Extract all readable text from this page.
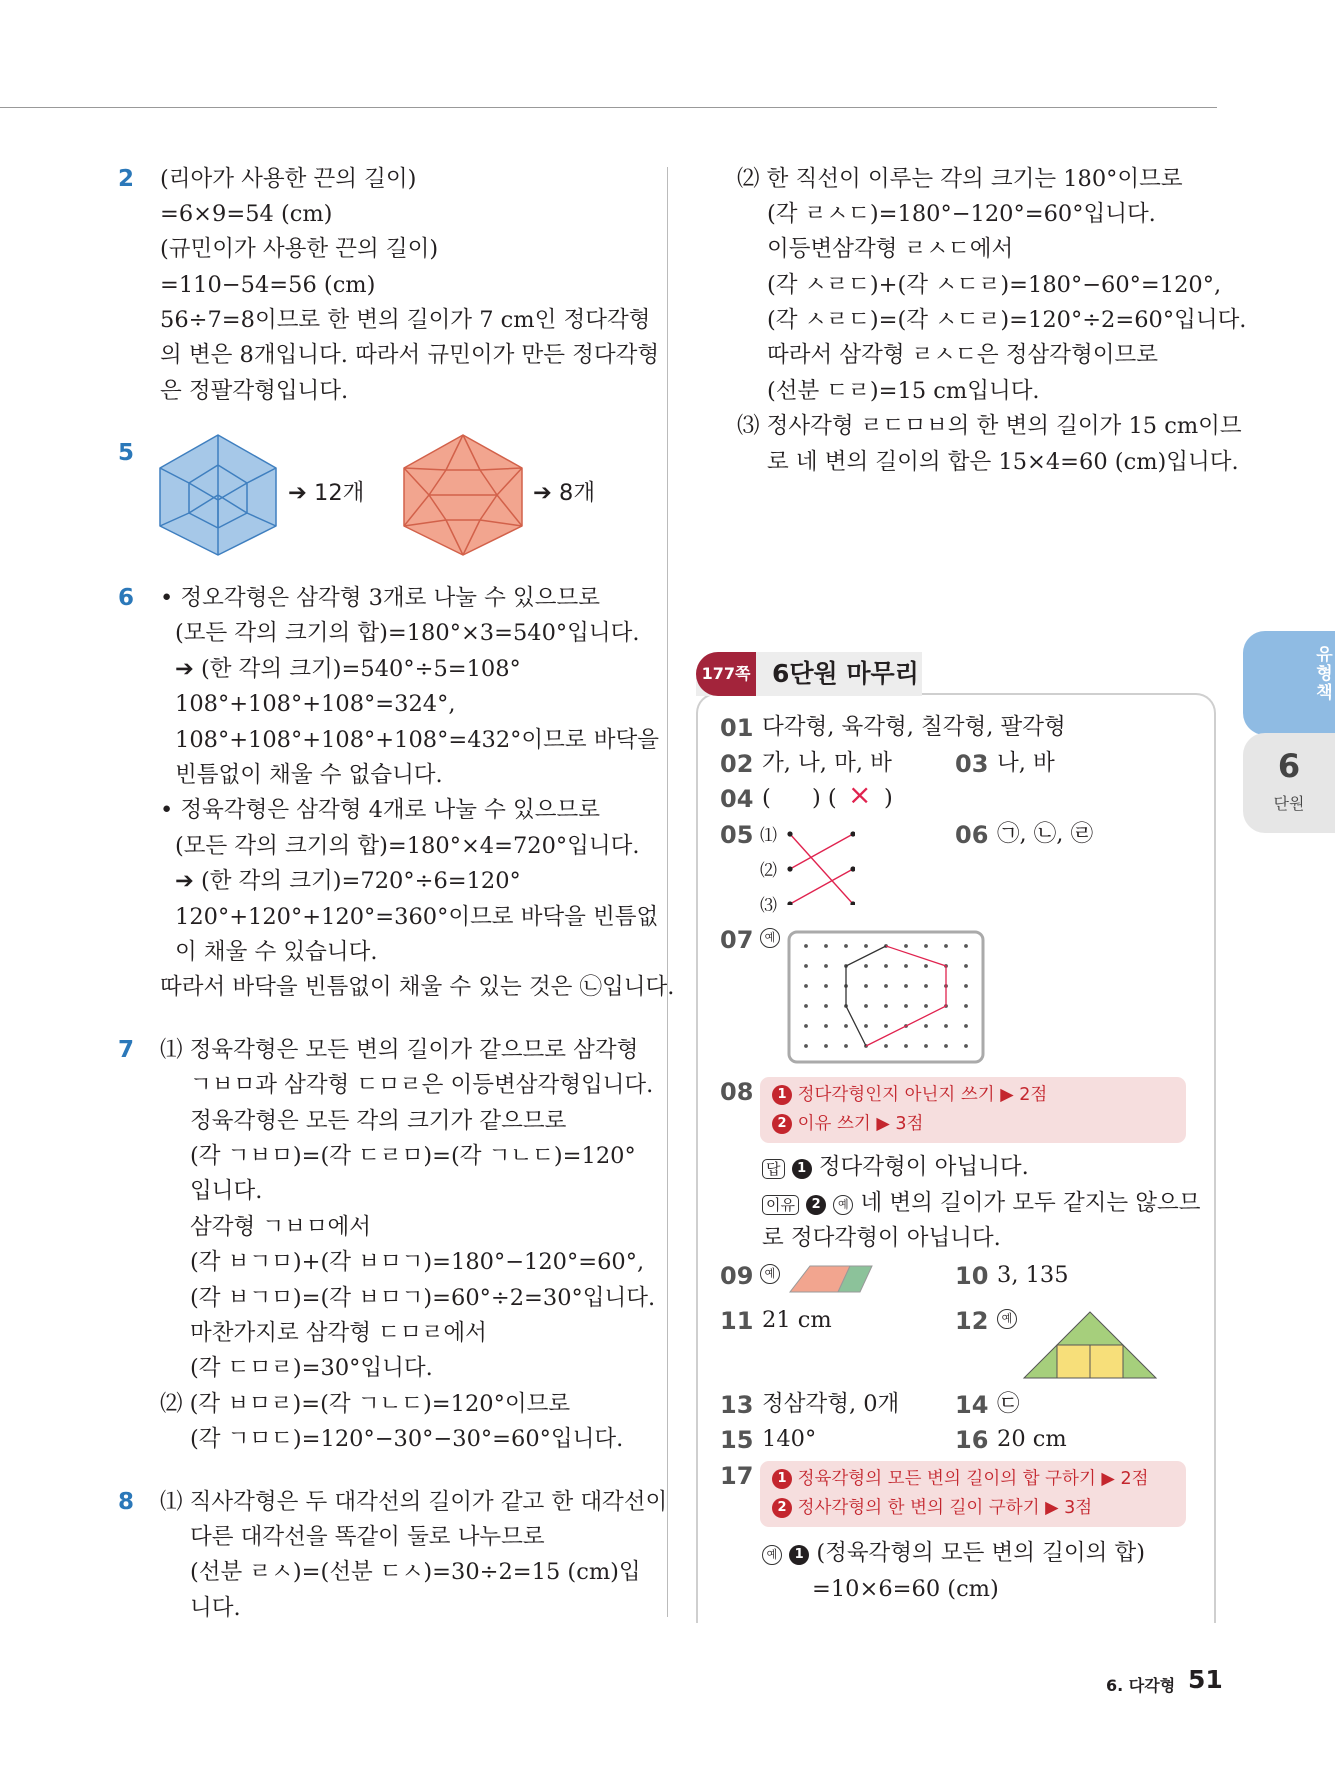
2 (리아가 사용한 끈의 길이)
=6×9=54 (cm)
(규민이가 사용한 끈의 길이)
=110−54=56 (cm)
56÷7=8이므로 한 변의 길이가 7 cm인 정다각형
의 변은 8개입니다. 따라서 규민이가 만든 정다각형
은 정팔각형입니다.
5
➔ 12개	➔ 8개
6 • 정오각형은 삼각형 3개로 나눌 수 있으므로
(모든 각의 크기의 합)=180°×3=540°입니다.
➔ (한 각의 크기)=540°÷5=108°
108°+108°+108°=324°,
108°+108°+108°+108°=432°이므로 바닥을
빈틈없이 채울 수 없습니다.
• 정육각형은 삼각형 4개로 나눌 수 있으므로
(모든 각의 크기의 합)=180°×4=720°입니다.
➔ (한 각의 크기)=720°÷6=120°
120°+120°+120°=360°이므로 바닥을 빈틈없
이 채울 수 있습니다.
따라서 바닥을 빈틈없이 채울 수 있는 것은 ㉡입니다.
7 ⑴ 정육각형은 모든 변의 길이가 같으므로 삼각형
ㄱㅂㅁ과 삼각형 ㄷㅁㄹ은 이등변삼각형입니다.
정육각형은 모든 각의 크기가 같으므로
(각 ㄱㅂㅁ)=(각 ㄷㄹㅁ)=(각 ㄱㄴㄷ)=120°
입니다.
삼각형 ㄱㅂㅁ에서
(각 ㅂㄱㅁ)+(각 ㅂㅁㄱ)=180°−120°=60°,
(각 ㅂㄱㅁ)=(각 ㅂㅁㄱ)=60°÷2=30°입니다.
마찬가지로 삼각형 ㄷㅁㄹ에서
(각 ㄷㅁㄹ)=30°입니다.
⑵ (각 ㅂㅁㄹ)=(각 ㄱㄴㄷ)=120°이므로
(각 ㄱㅁㄷ)=120°−30°−30°=60°입니다.
8 ⑴ 직사각형은 두 대각선의 길이가 같고 한 대각선이
다른 대각선을 똑같이 둘로 나누므로
(선분 ㄹㅅ)=(선분 ㄷㅅ)=30÷2=15 (cm)입
니다.
⑵ 한 직선이 이루는 각의 크기는 180°이므로
(각 ㄹㅅㄷ)=180°−120°=60°입니다.
이등변삼각형 ㄹㅅㄷ에서
(각 ㅅㄹㄷ)+(각 ㅅㄷㄹ)=180°−60°=120°,
(각 ㅅㄹㄷ)=(각 ㅅㄷㄹ)=120°÷2=60°입니다.
따라서 삼각형 ㄹㅅㄷ은 정삼각형이므로
(선분 ㄷㄹ)=15 cm입니다.
⑶ 정사각형 ㄹㄷㅁㅂ의 한 변의 길이가 15 cm이므
로 네 변의 길이의 합은 15×4=60 (cm)입니다.
177쪽 6단원 마무리
01 다각형, 육각형, 칠각형, 팔각형
02 가, 나, 마, 바	03 나, 바
04 ( ) ( × )
05 ⑴
⑵
⑶
06 ㉠, ㉡, ㉣
07	예
08	1 정다각형인지 아닌지 쓰기 ▶ 2점
2 이유 쓰기 ▶ 3점
답 1 정다각형이 아닙니다.
이유 2 예 네 변의 길이가 모두 같지는 않으므
로 정다각형이 아닙니다.
09	예	10 3, 135
11 21 cm	12	예
13 정삼각형, 0개 14 ㉢
15 140°	16 20 cm
17	1 정육각형의 모든 변의 길이의 합 구하기 ▶ 2점
2 정사각형의 한 변의 길이 구하기 ▶ 3점
예 1 (정육각형의 모든 변의 길이의 합)
=10×6=60 (cm)
유형책
6
단원
6. 다각형 51
